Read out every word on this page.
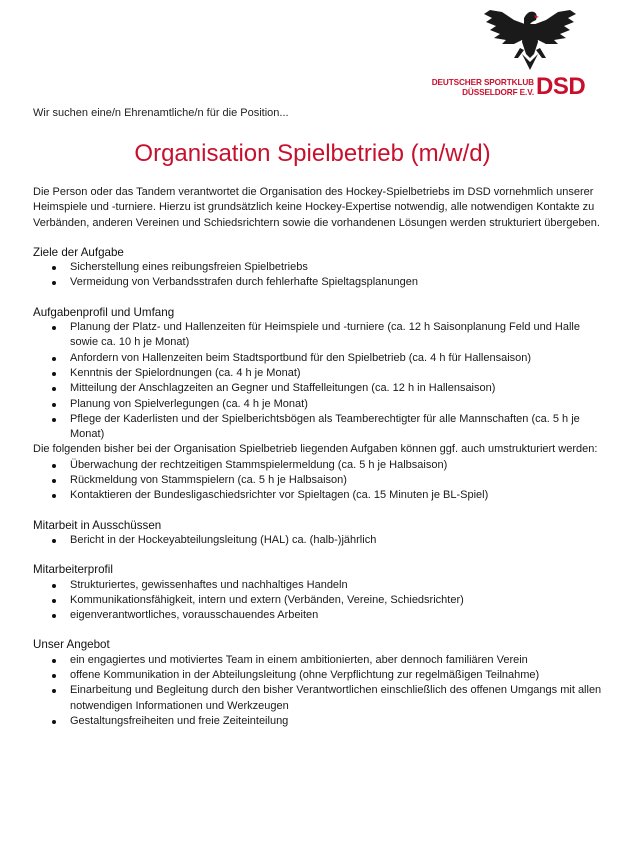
DEUTSCHER SPORTKLUB
DÜSSELDORF E.V. DSD
Wir suchen eine/n Ehrenamtliche/n für die Position...
Organisation Spielbetrieb (m/w/d)

Die Person oder das Tandem verantwortet die Organisation des Hockey-Spielbetriebs im DSD vornehmlich unserer Heimspiele und -turniere. Hierzu ist grundsätzlich keine Hockey-Expertise notwendig, alle notwendigen Kontakte zu Verbänden, anderen Vereinen und Schiedsrichtern sowie die vorhandenen Lösungen werden strukturiert übergeben.

Ziele der Aufgabe
Sicherstellung eines reibungsfreien Spielbetriebs
Vermeidung von Verbandsstrafen durch fehlerhafte Spieltagsplanungen
Aufgabenprofil und Umfang
Planung der Platz- und Hallenzeiten für Heimspiele und -turniere (ca. 12 h Saisonplanung Feld und Halle sowie ca. 10 h je Monat)
Anfordern von Hallenzeiten beim Stadtsportbund für den Spielbetrieb (ca. 4 h für Hallensaison)
Kenntnis der Spielordnungen (ca. 4 h je Monat)
Mitteilung der Anschlagzeiten an Gegner und Staffelleitungen (ca. 12 h in Hallensaison)
Planung von Spielverlegungen (ca. 4 h je Monat)
Pflege der Kaderlisten und der Spielberichtsbögen als Teamberechtigter für alle Mannschaften (ca. 5 h je Monat)

Die folgenden bisher bei der Organisation Spielbetrieb liegenden Aufgaben können ggf. auch umstrukturiert werden:

Überwachung der rechtzeitigen Stammspielermeldung (ca. 5 h je Halbsaison)
Rückmeldung von Stammspielern (ca. 5 h je Halbsaison)
Kontaktieren der Bundesligaschiedsrichter vor Spieltagen (ca. 15 Minuten je BL-Spiel)
Mitarbeit in Ausschüssen
Bericht in der Hockeyabteilungsleitung (HAL) ca. (halb-)jährlich
Mitarbeiterprofil
Strukturiertes, gewissenhaftes und nachhaltiges Handeln
Kommunikationsfähigkeit, intern und extern (Verbänden, Vereine, Schiedsrichter)
eigenverantwortliches, vorausschauendes Arbeiten
Unser Angebot
ein engagiertes und motiviertes Team in einem ambitionierten, aber dennoch familiären Verein
offene Kommunikation in der Abteilungsleitung (ohne Verpflichtung zur regelmäßigen Teilnahme)
Einarbeitung und Begleitung durch den bisher Verantwortlichen einschließlich des offenen Umgangs mit allen notwendigen Informationen und Werkzeugen
Gestaltungsfreiheiten und freie Zeiteinteilung
